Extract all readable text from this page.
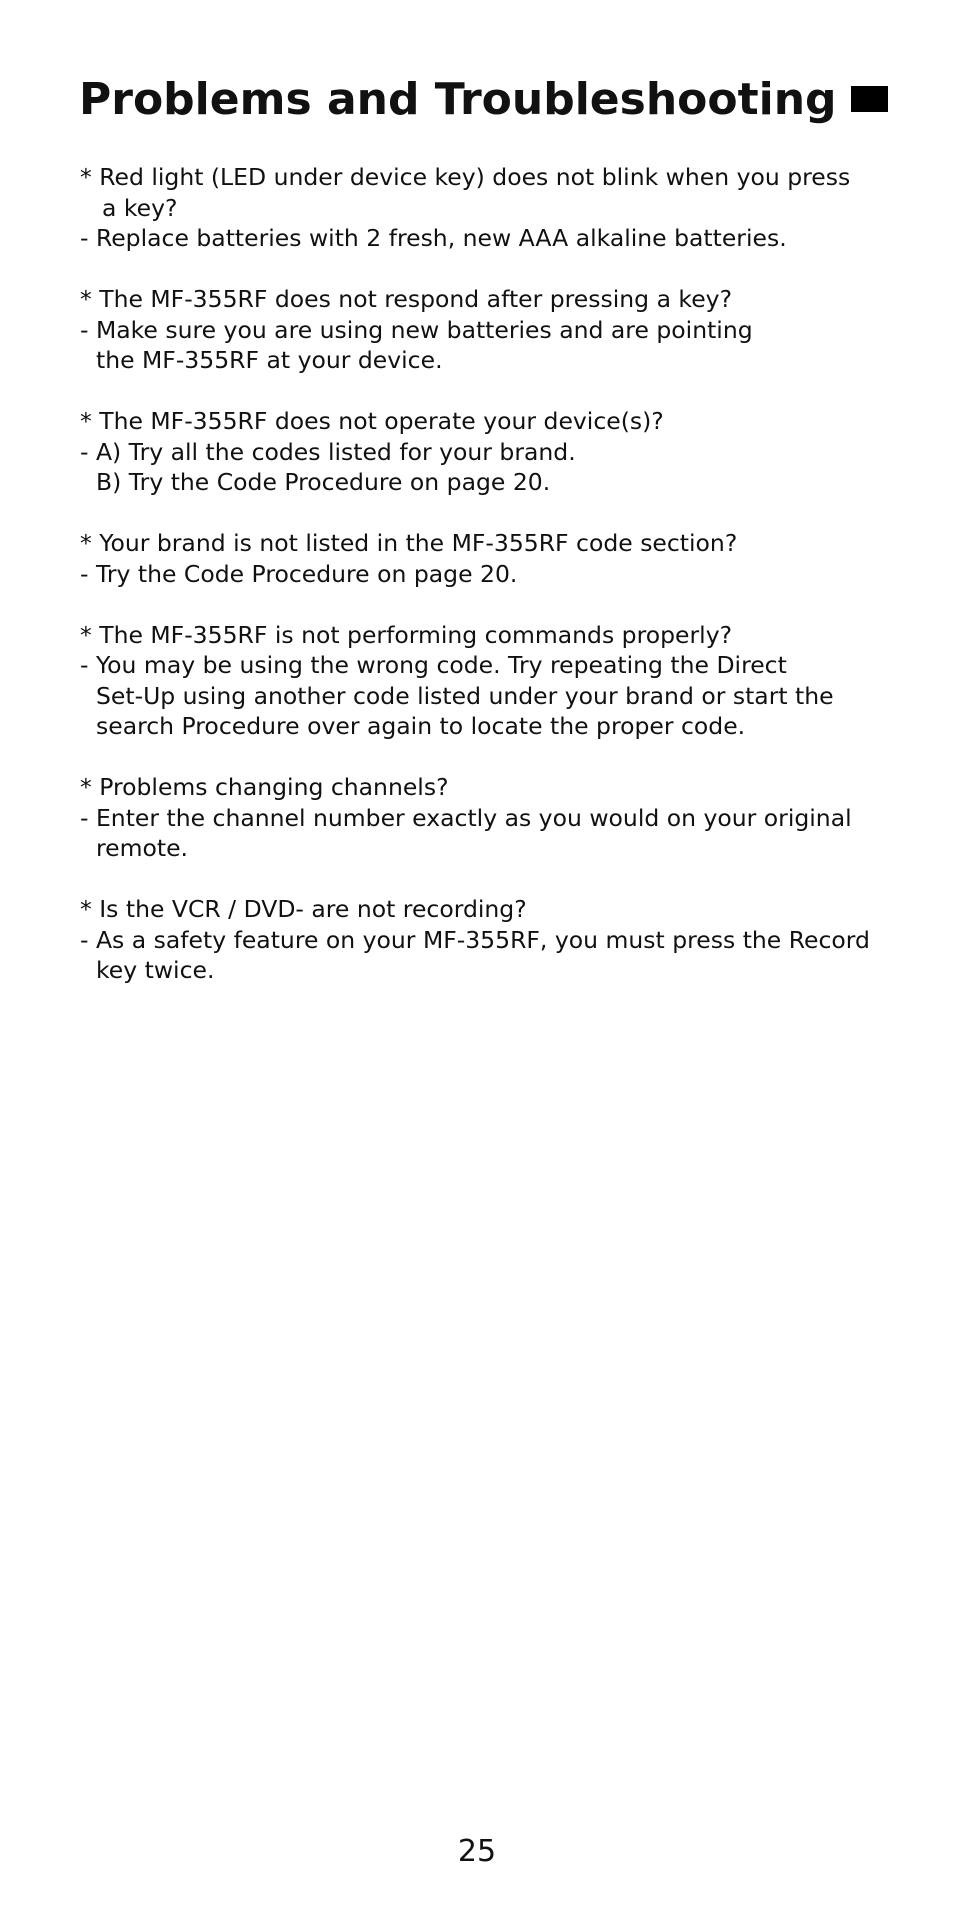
Problems and Troubleshooting
* Red light (LED under device key) does not blink when you press
a key?
- Replace batteries with 2 fresh, new AAA alkaline batteries.
* The MF-355RF does not respond after pressing a key?
- Make sure you are using new batteries and are pointing
the MF-355RF at your device.
* The MF-355RF does not operate your device(s)?
- A) Try all the codes listed for your brand.
B) Try the Code Procedure on page 20.
* Your brand is not listed in the MF-355RF code section?
- Try the Code Procedure on page 20.
* The MF-355RF is not performing commands properly?
- You may be using the wrong code. Try repeating the Direct
Set-Up using another code listed under your brand or start the
search Procedure over again to locate the proper code.
* Problems changing channels?
- Enter the channel number exactly as you would on your original
remote.
* Is the VCR / DVD- are not recording?
- As a safety feature on your MF-355RF, you must press the Record
key twice.
25
